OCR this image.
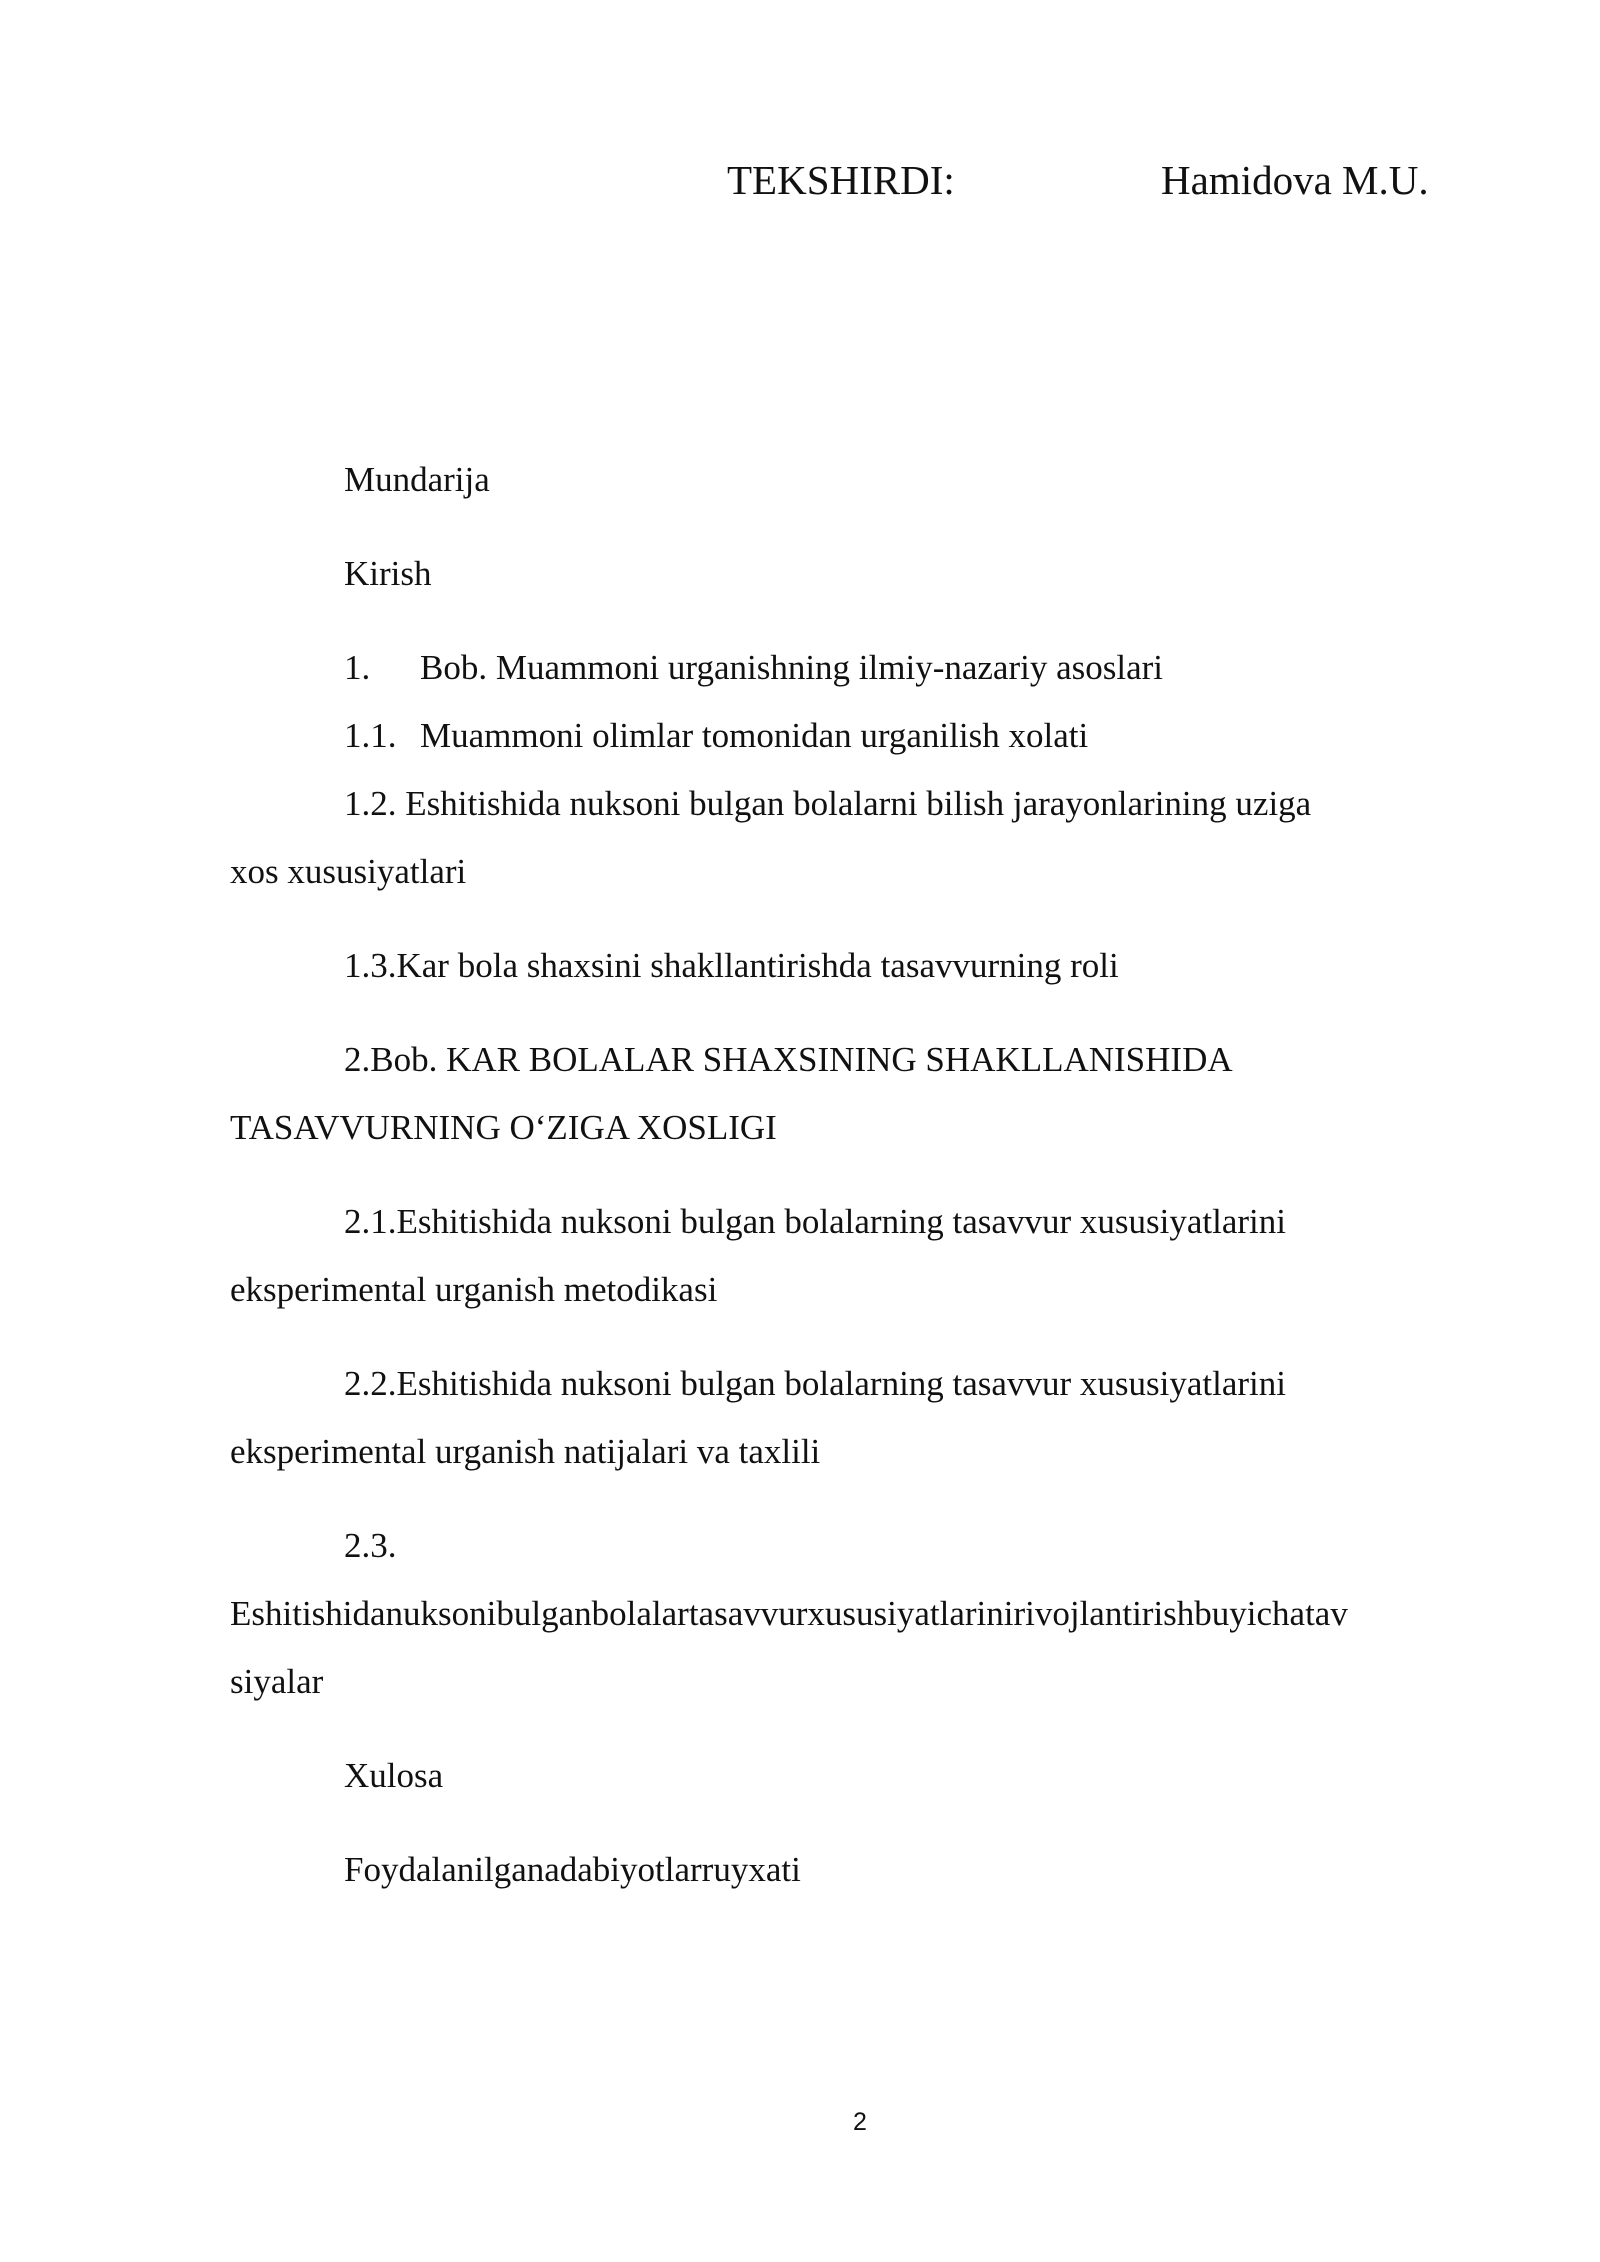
TEKSHIRDI:	Hamidova M.U.
Mundarija
Kirish
1. Bob. Muammoni urganishning ilmiy-nazariy asoslari
1.1. Muammoni olimlar tomonidan urganilish xolati
1.2. Eshitishida nuksoni bulgan bolalarni bilish jarayonlarining uziga
xos xususiyatlari
1.3.Kar bola shaxsini shakllantirishda tasavvurning roli
2.Bob. KAR BOLALAR SHAXSINING SHAKLLANISHIDA
TASAVVURNING O‘ZIGA XOSLIGI
2.1.Eshitishida nuksoni bulgan bolalarning tasavvur xususiyatlarini
eksperimental urganish metodikasi
2.2.Eshitishida nuksoni bulgan bolalarning tasavvur xususiyatlarini
eksperimental urganish natijalari va taxlili
2.3.
Eshitishidanuksonibulganbolalartasavvurxususiyatlarinirivojlantirishbuyichatav
siyalar
Xulosa
Foydalanilganadabiyotlarruyxati
2
